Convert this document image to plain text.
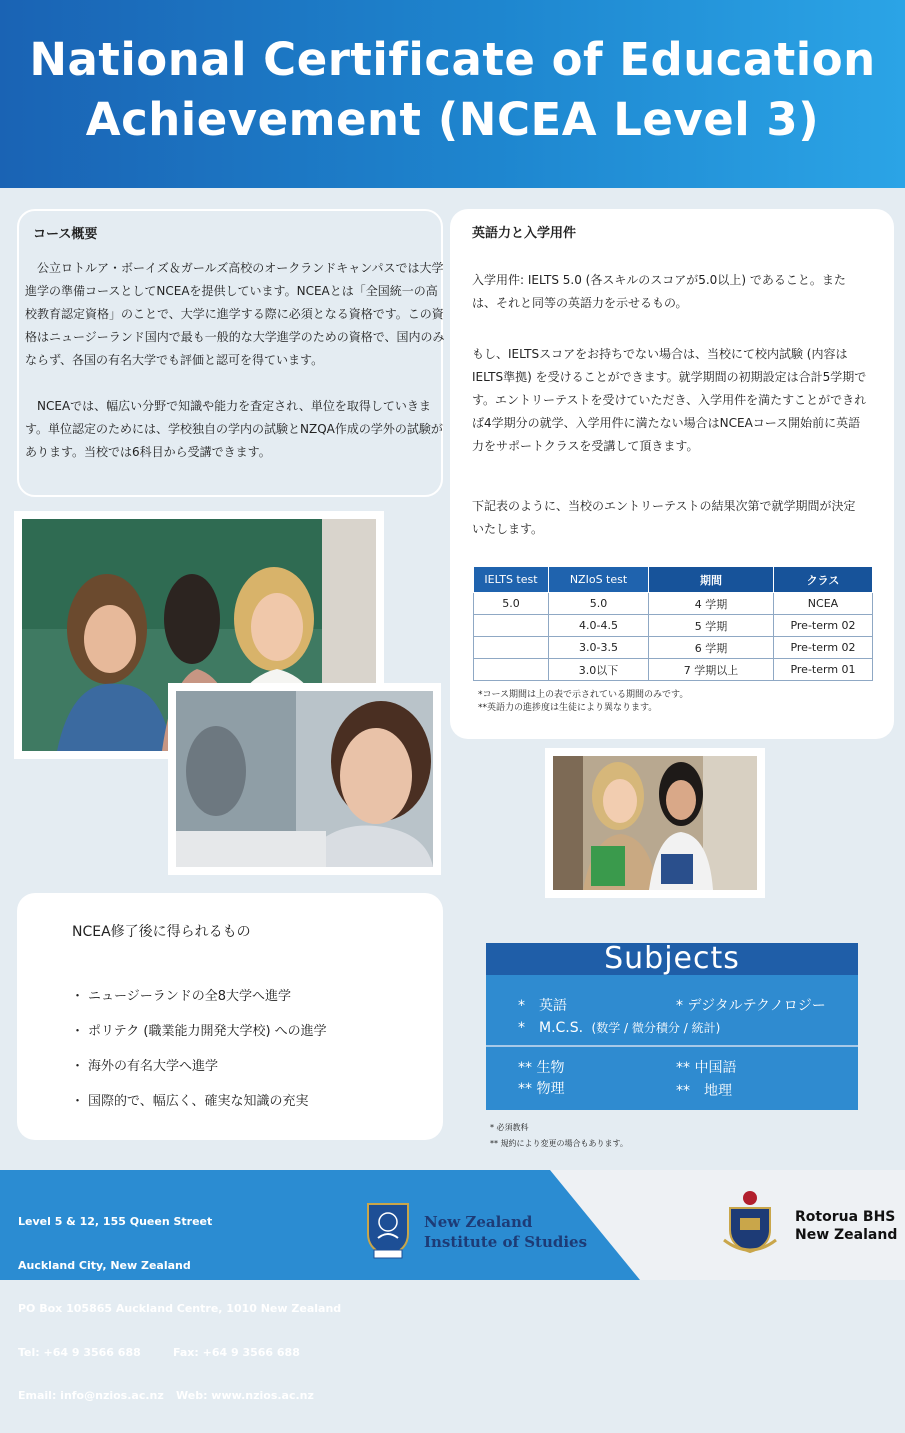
National Certificate of Education Achievement (NCEA Level 3)
コース概要

公立ロトルア・ボーイズ＆ガールズ高校のオークランドキャンパスでは大学進学の準備コースとしてNCEAを提供しています。NCEAとは「全国統一の高校教育認定資格」のことで、大学に進学する際に必須となる資格です。この資格はニュージーランド国内で最も一般的な大学進学のための資格で、国内のみならず、各国の有名大学でも評価と認可を得ています。

NCEAでは、幅広い分野で知識や能力を査定され、単位を取得していきます。単位認定のためには、学校独自の学内の試験とNZQA作成の学外の試験があります。当校では6科目から受講できます。

英語力と入学用件

入学用件: IELTS 5.0 (各スキルのスコアが5.0以上) であること。または、それと同等の英語力を示せるもの。

もし、IELTSスコアをお持ちでない場合は、当校にて校内試験 (内容はIELTS準拠) を受けることができます。就学期間の初期設定は合計5学期です。エントリーテストを受けていただき、入学用件を満たすことができれば4学期分の就学、入学用件に満たない場合はNCEAコース開始前に英語力をサポートクラスを受講して頂きます。

下記表のように、当校のエントリーテストの結果次第で就学期間が決定いたします。

IELTS test	NZIoS test	期間	クラス
5.0	5.0	4 学期	NCEA
	4.0-4.5	5 学期	Pre-term 02
	3.0-3.5	6 学期	Pre-term 02
	3.0以下	7 学期以上	Pre-term 01
*コース期間は上の表で示されている期間のみです。
**英語力の進捗度は生徒により異なります。
NCEA修了後に得られるもの
・ ニュージーランドの全8大学へ進学
・ ポリテク (職業能力開発大学校) への進学
・ 海外の有名大学へ進学
・ 国際的で、幅広く、確実な知識の充実
Subjects
*　英語	* デジタルテクノロジー
*　M.C.S. (数学 / 微分積分 / 統計)
** 生物	** 中国語
** 物理	**　地理
* 必須教科
** 規約により変更の場合もあります。

Level 5 & 12, 155 Queen Street

Auckland City, New Zealand

PO Box 105865 Auckland Centre, 1010 New Zealand

Tel: +64 9 3566 688	Fax: +64 9 3566 688

Email: info@nzios.ac.nz Web: www.nzios.ac.nz

New Zealand
Institute of Studies
Rotorua BHS
New Zealand
